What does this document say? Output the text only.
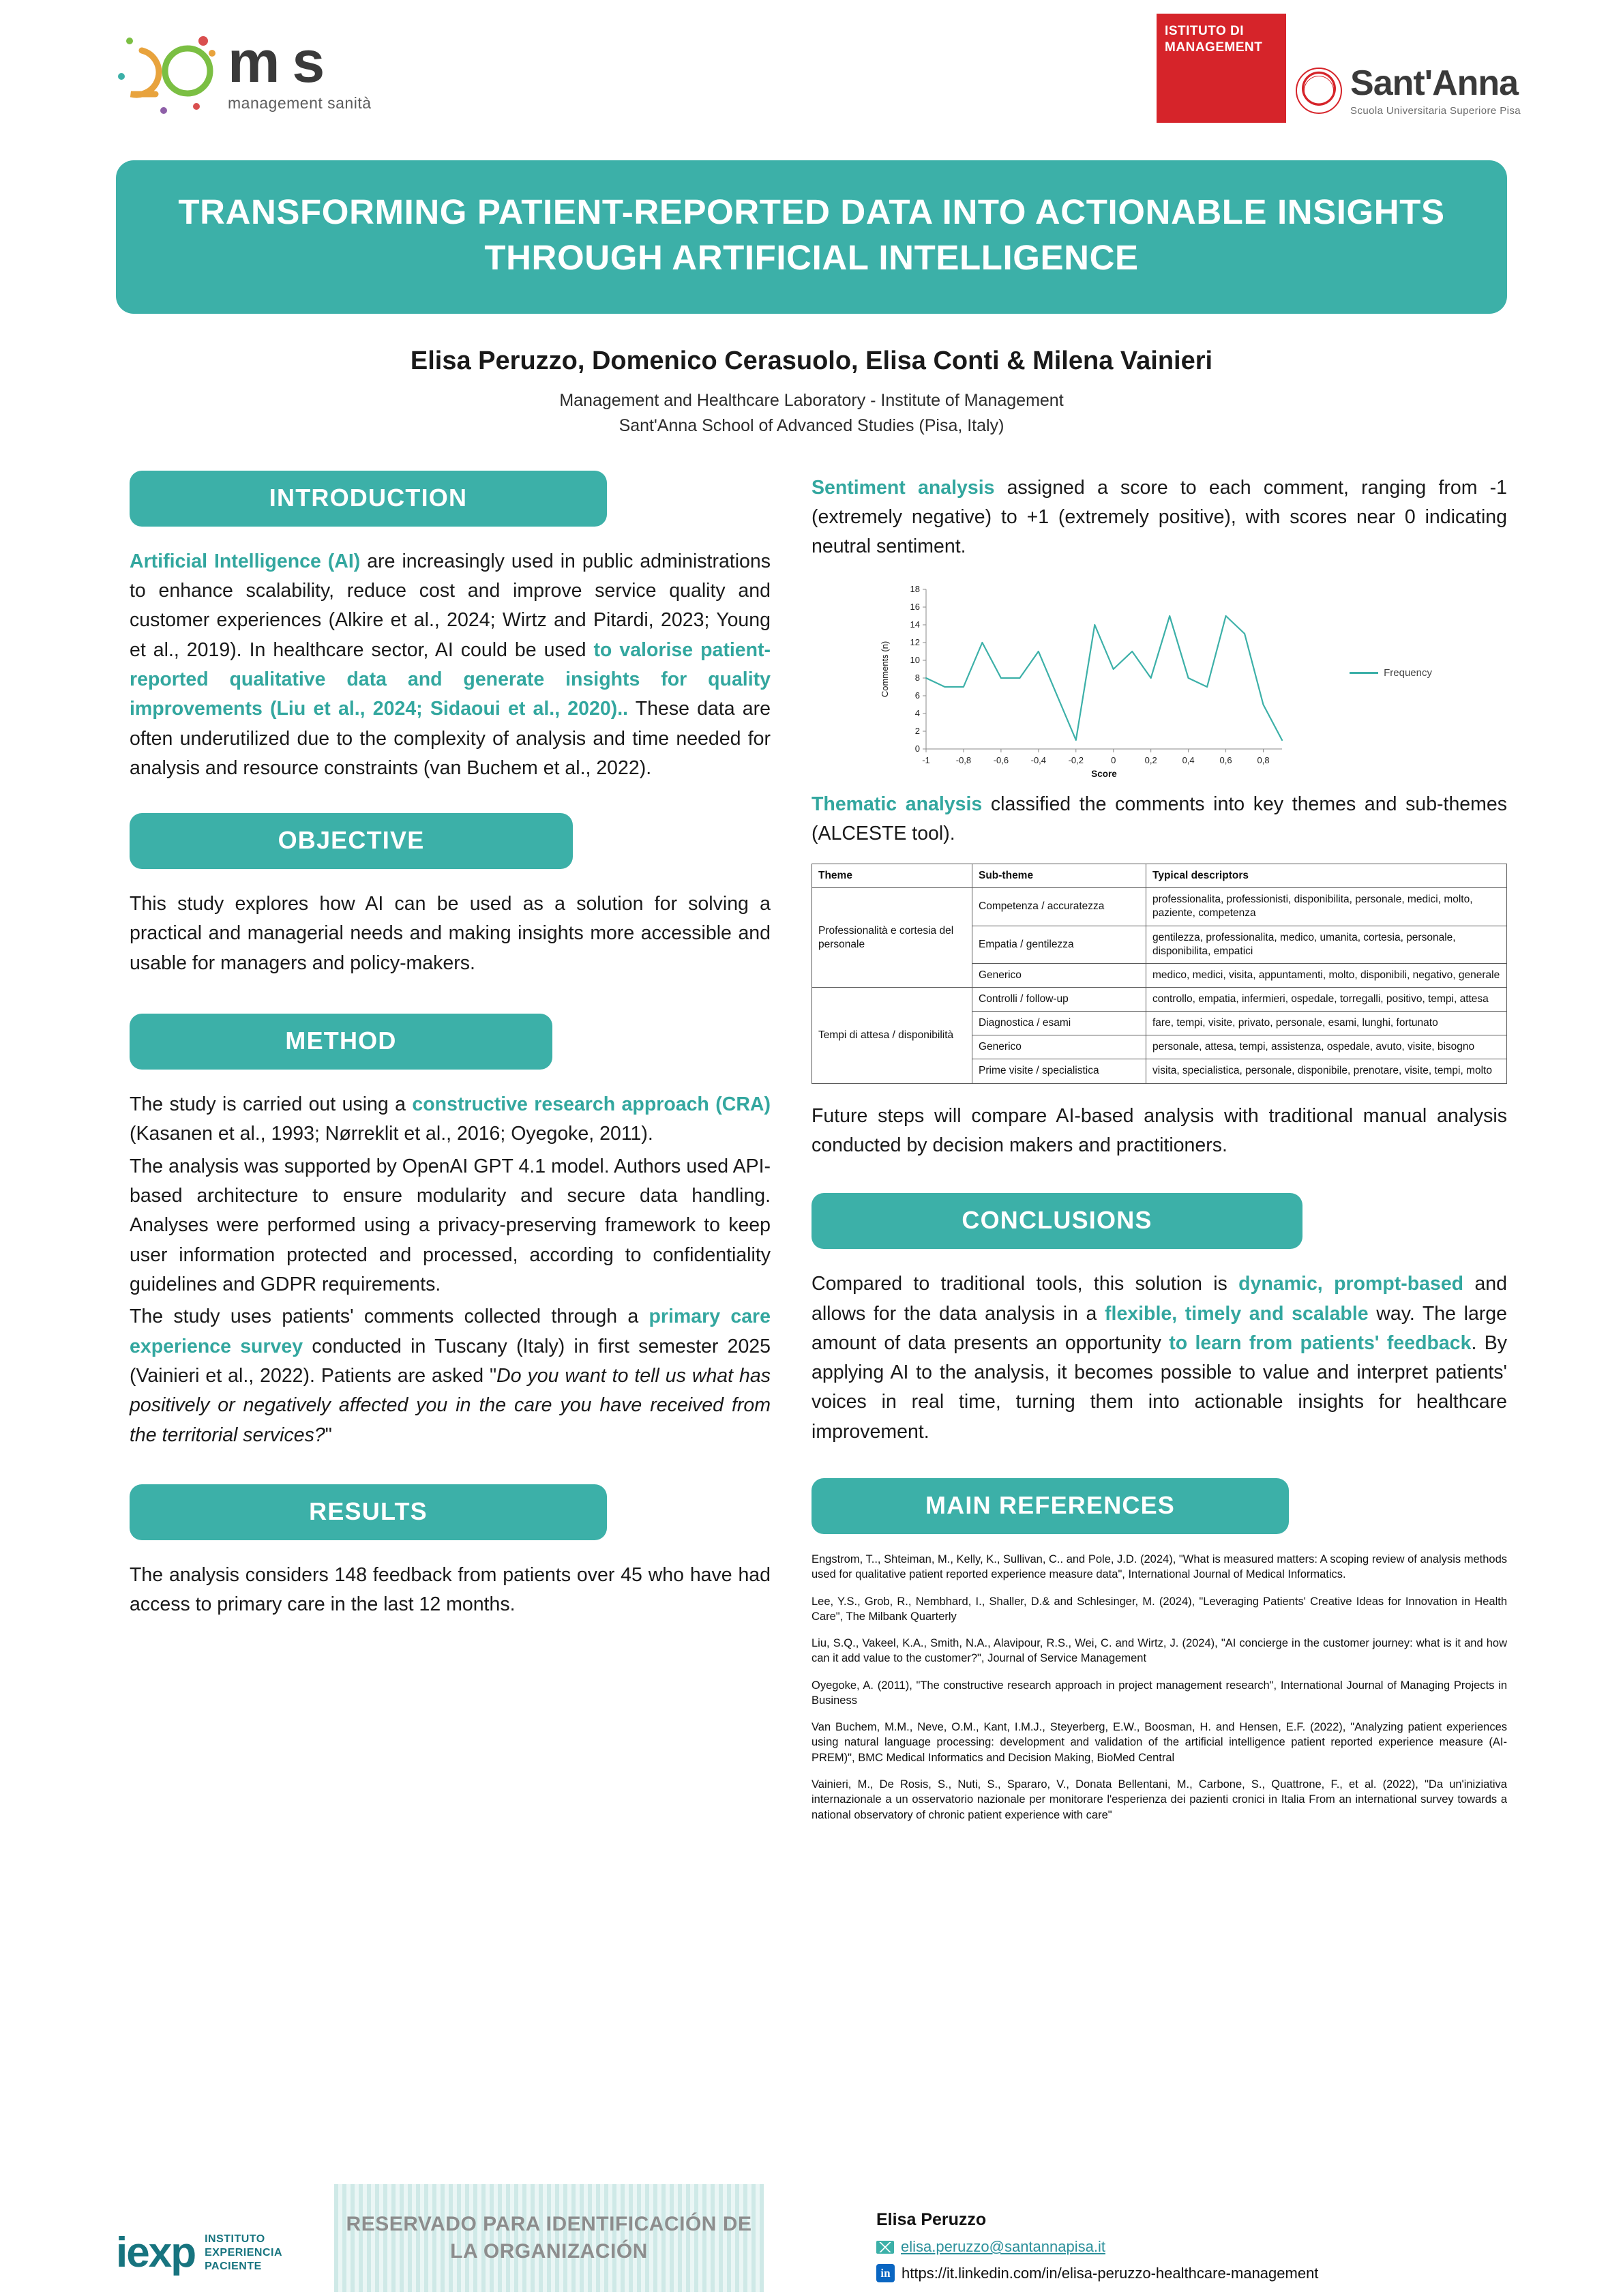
m s
management sanità
ISTITUTO DI MANAGEMENT
Sant'Anna
Scuola Universitaria Superiore Pisa
TRANSFORMING PATIENT-REPORTED DATA INTO ACTIONABLE INSIGHTS THROUGH ARTIFICIAL INTELLIGENCE
Elisa Peruzzo, Domenico Cerasuolo, Elisa Conti & Milena Vainieri
Management and Healthcare Laboratory - Institute of Management
Sant'Anna School of Advanced Studies (Pisa, Italy)
INTRODUCTION

Artificial Intelligence (AI) are increasingly used in public administrations to enhance scalability, reduce cost and improve service quality and customer experiences (Alkire et al., 2024; Wirtz and Pitardi, 2023; Young et al., 2019). In healthcare sector, AI could be used to valorise patient-reported qualitative data and generate insights for quality improvements (Liu et al., 2024; Sidaoui et al., 2020).. These data are often underutilized due to the complexity of analysis and time needed for analysis and resource constraints (van Buchem et al., 2022).

OBJECTIVE
This study explores how AI can be used as a solution for solving a practical and managerial needs and making insights more accessible and usable for managers and policy-makers.
METHOD

The study is carried out using a constructive research approach (CRA) (Kasanen et al., 1993; Nørreklit et al., 2016; Oyegoke, 2011).

The analysis was supported by OpenAI GPT 4.1 model. Authors used API-based architecture to ensure modularity and secure data handling. Analyses were performed using a privacy-preserving framework to keep user information protected and processed, according to confidentiality guidelines and GDPR requirements.

The study uses patients' comments collected through a primary care experience survey conducted in Tuscany (Italy) in first semester 2025 (Vainieri et al., 2022). Patients are asked "Do you want to tell us what has positively or negatively affected you in the care you have received from the territorial services?"

RESULTS
The analysis considers 148 feedback from patients over 45 who have had access to primary care in the last 12 months.
Sentiment analysis assigned a score to each comment, ranging from -1 (extremely negative) to +1 (extremely positive), with scores near 0 indicating neutral sentiment.
0
2
4
6
8
10
12
14
16
18
-1	-0,8	-0,6	-0,4	-0,2	0	0,2	0,4	0,6	0,8
Score
Comments (n)	Frequency
Thematic analysis classified the comments into key themes and sub-themes (ALCESTE tool).
Theme	Sub-theme	Typical descriptors
Professionalità e cortesia del personale	Competenza / accuratezza	professionalita, professionisti, disponibilita, personale, medici, molto, paziente, competenza
	Empatia / gentilezza	gentilezza, professionalita, medico, umanita, cortesia, personale, disponibilita, empatici
	Generico	medico, medici, visita, appuntamenti, molto, disponibili, negativo, generale
Tempi di attesa / disponibilità	Controlli / follow-up	controllo, empatia, infermieri, ospedale, torregalli, positivo, tempi, attesa
	Diagnostica / esami	fare, tempi, visite, privato, personale, esami, lunghi, fortunato
	Generico	personale, attesa, tempi, assistenza, ospedale, avuto, visite, bisogno
	Prime visite / specialistica	visita, specialistica, personale, disponibile, prenotare, visite, tempi, molto
Future steps will compare AI-based analysis with traditional manual analysis conducted by decision makers and practitioners.
CONCLUSIONS

Compared to traditional tools, this solution is dynamic, prompt-based and allows for the data analysis in a flexible, timely and scalable way. The large amount of data presents an opportunity to learn from patients' feedback. By applying AI to the analysis, it becomes possible to value and interpret patients' voices in real time, turning them into actionable insights for healthcare improvement.

MAIN REFERENCES

Engstrom, T.., Shteiman, M., Kelly, K., Sullivan, C.. and Pole, J.D. (2024), "What is measured matters: A scoping review of analysis methods used for qualitative patient reported experience measure data", International Journal of Medical Informatics.

Lee, Y.S., Grob, R., Nembhard, I., Shaller, D.& and Schlesinger, M. (2024), "Leveraging Patients' Creative Ideas for Innovation in Health Care", The Milbank Quarterly

Liu, S.Q., Vakeel, K.A., Smith, N.A., Alavipour, R.S., Wei, C. and Wirtz, J. (2024), "AI concierge in the customer journey: what is it and how can it add value to the customer?", Journal of Service Management

Oyegoke, A. (2011), "The constructive research approach in project management research", International Journal of Managing Projects in Business

Van Buchem, M.M., Neve, O.M., Kant, I.M.J., Steyerberg, E.W., Boosman, H. and Hensen, E.F. (2022), "Analyzing patient experiences using natural language processing: development and validation of the artificial intelligence patient reported experience measure (AI-PREM)", BMC Medical Informatics and Decision Making, BioMed Central

Vainieri, M., De Rosis, S., Nuti, S., Spararo, V., Donata Bellentani, M., Carbone, S., Quattrone, F., et al. (2022), "Da un'iniziativa internazionale a un osservatorio nazionale per monitorare l'esperienza dei pazienti cronici in Italia From an international survey towards a national observatory of chronic patient experience with care"

iexp INSTITUTO
EXPERIENCIA
PACIENTE
RESERVADO PARA IDENTIFICACIÓN DE LA ORGANIZACIÓN
Elisa Peruzzo
elisa.peruzzo@santannapisa.it
in https://it.linkedin.com/in/elisa-peruzzo-healthcare-management
